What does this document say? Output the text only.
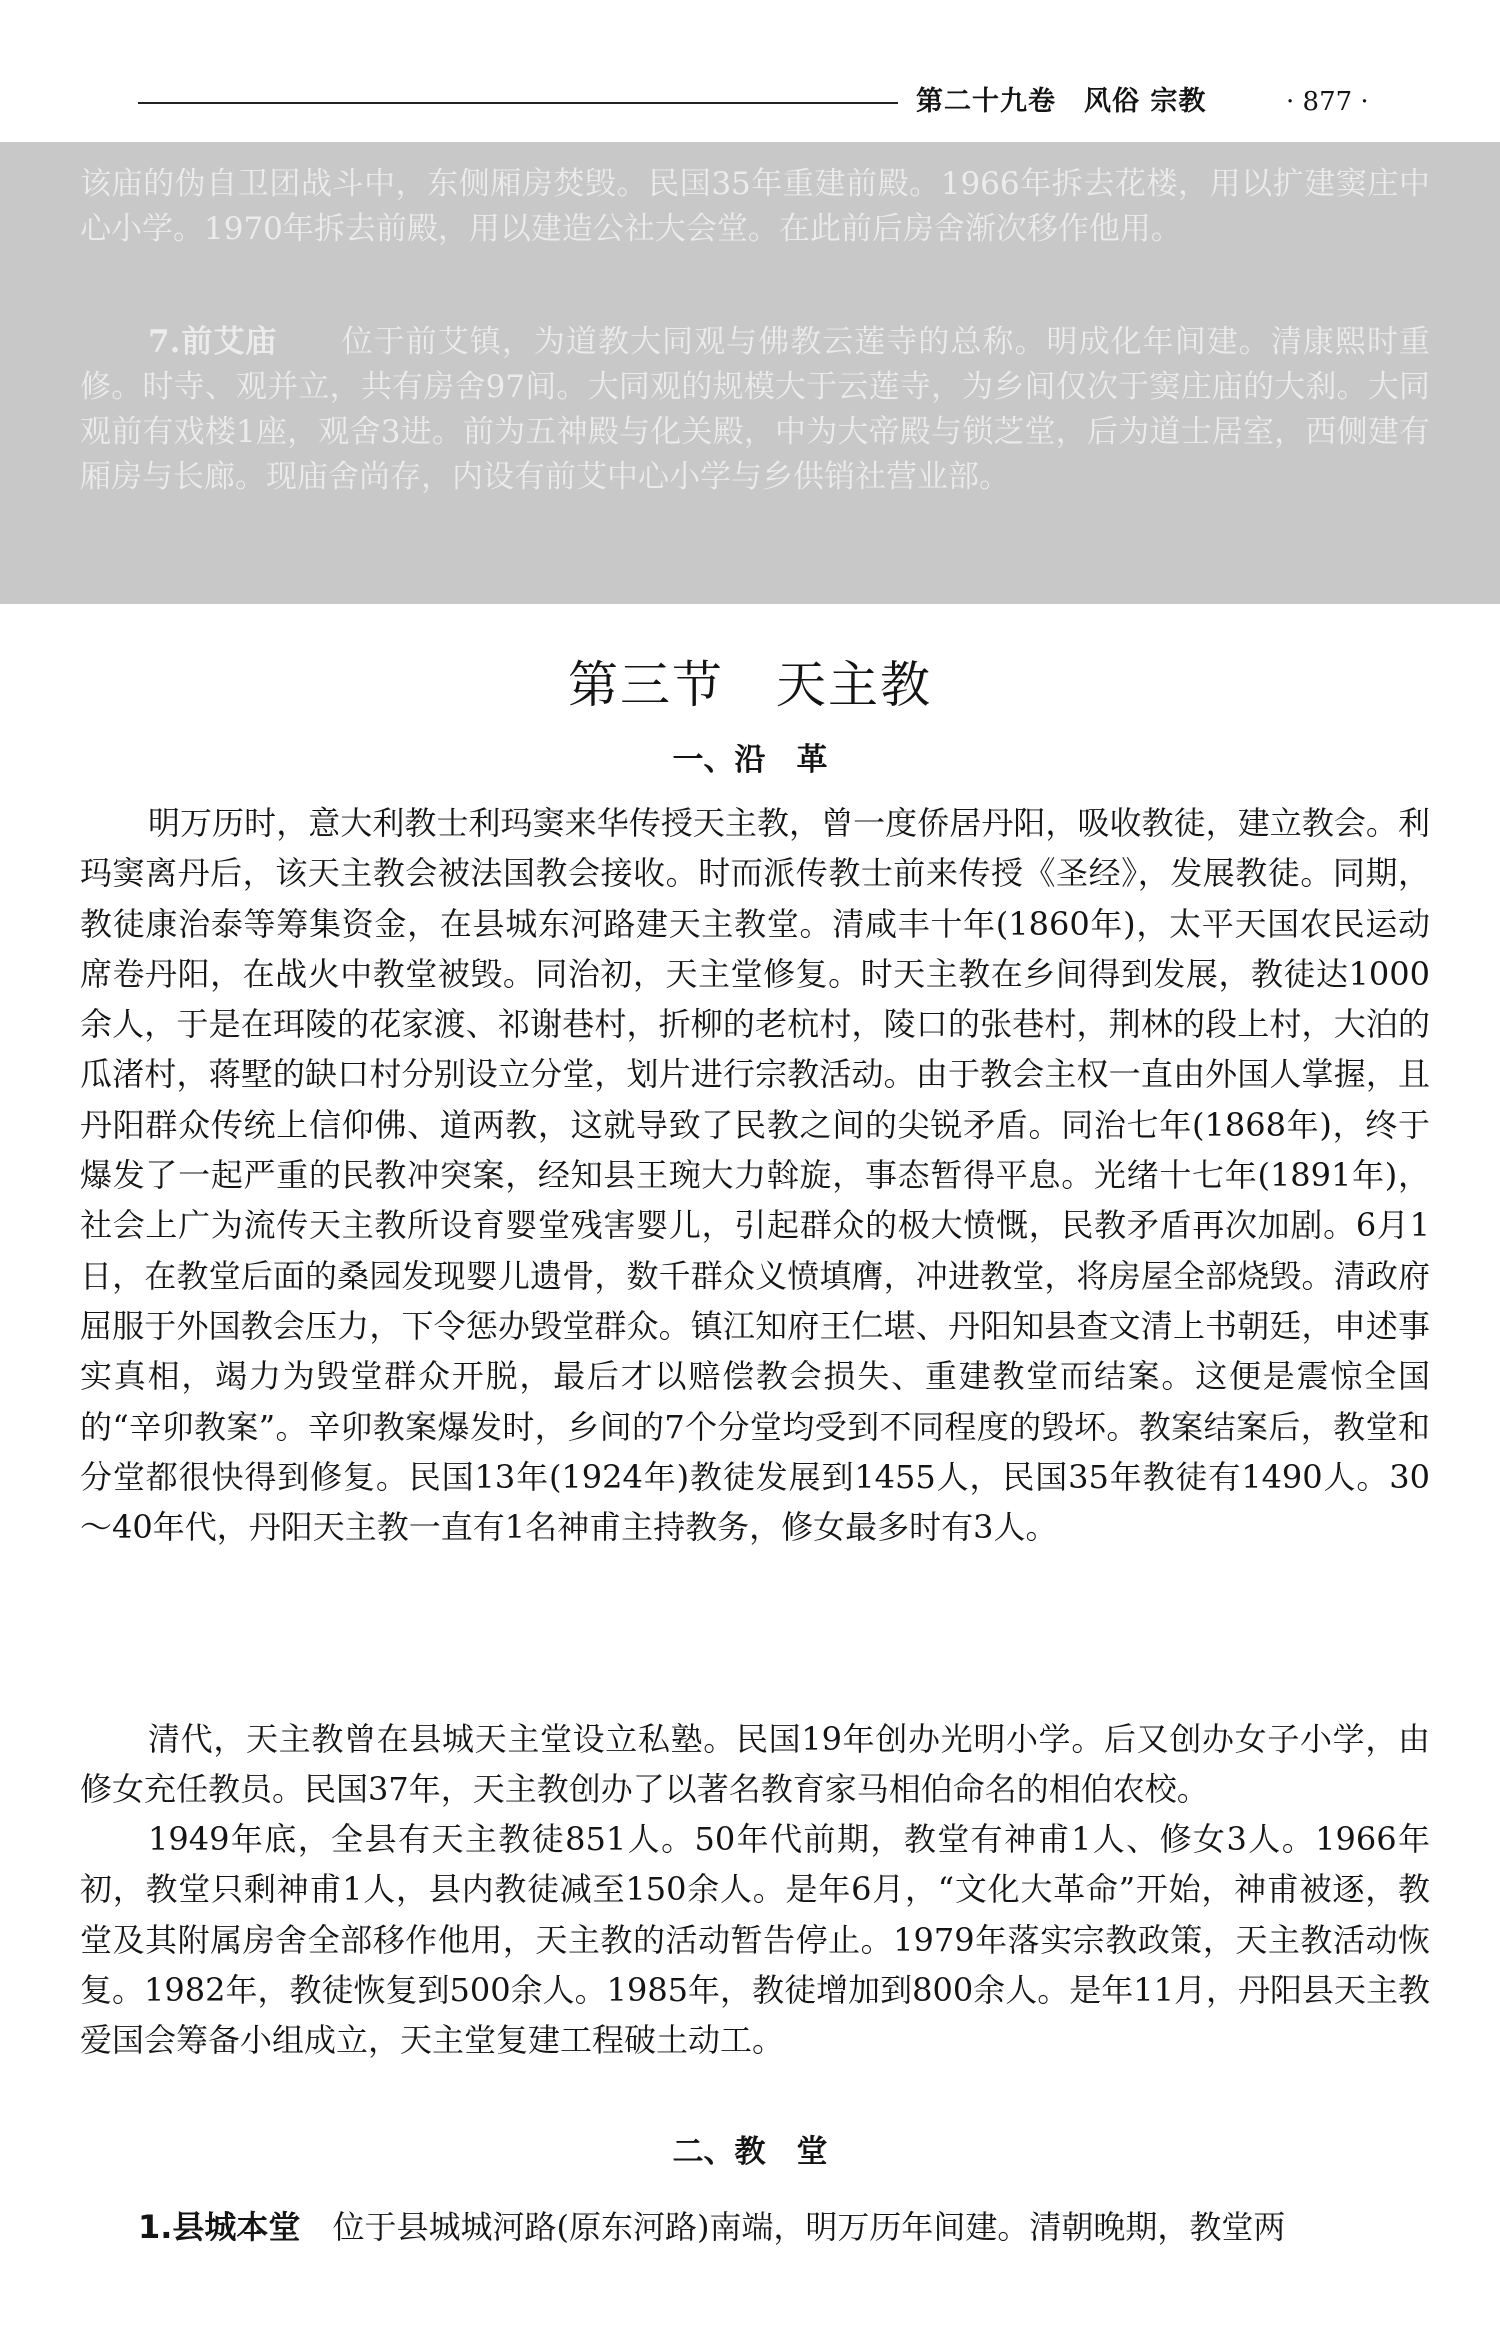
第二十九卷　风俗 宗教	· 877 ·

该庙的伪自卫团战斗中，东侧厢房焚毁。民国35年重建前殿。1966年拆去花楼，用以扩建窦庄中心小学。1970年拆去前殿，用以建造公社大会堂。在此前后房舍渐次移作他用。

7.前艾庙　　 位于前艾镇，为道教大同观与佛教云莲寺的总称。明成化年间建。清康熙时重修。时寺、观并立，共有房舍97间。大同观的规模大于云莲寺，为乡间仅次于窦庄庙的大刹。大同观前有戏楼1座，观舍3进。前为五神殿与化关殿，中为大帝殿与锁芝堂，后为道士居室，西侧建有厢房与长廊。现庙舍尚存，内设有前艾中心小学与乡供销社营业部。

第三节　天主教
一、沿　革

明万历时，意大利教士利玛窦来华传授天主教，曾一度侨居丹阳，吸收教徒，建立教会。利玛窦离丹后，该天主教会被法国教会接收。时而派传教士前来传授《圣经》，发展教徒。同期，教徒康治泰等筹集资金，在县城东河路建天主教堂。清咸丰十年(1860年)，太平天国农民运动席卷丹阳，在战火中教堂被毁。同治初，天主堂修复。时天主教在乡间得到发展，教徒达1000余人，于是在珥陵的花家渡、祁谢巷村，折柳的老杭村，陵口的张巷村，荆林的段上村，大泊的瓜渚村，蒋墅的缺口村分别设立分堂，划片进行宗教活动。由于教会主权一直由外国人掌握，且丹阳群众传统上信仰佛、道两教，这就导致了民教之间的尖锐矛盾。同治七年(1868年)，终于爆发了一起严重的民教冲突案，经知县王琬大力斡旋，事态暂得平息。光绪十七年(1891年)，社会上广为流传天主教所设育婴堂残害婴儿，引起群众的极大愤慨，民教矛盾再次加剧。6月1日，在教堂后面的桑园发现婴儿遗骨，数千群众义愤填膺，冲进教堂，将房屋全部烧毁。清政府屈服于外国教会压力，下令惩办毁堂群众。镇江知府王仁堪、丹阳知县查文清上书朝廷，申述事实真相，竭力为毁堂群众开脱，最后才以赔偿教会损失、重建教堂而结案。这便是震惊全国的“辛卯教案”。辛卯教案爆发时，乡间的7个分堂均受到不同程度的毁坏。教案结案后，教堂和分堂都很快得到修复。民国13年(1924年)教徒发展到1455人，民国35年教徒有1490人。30～40年代，丹阳天主教一直有1名神甫主持教务，修女最多时有3人。

清代，天主教曾在县城天主堂设立私塾。民国19年创办光明小学。后又创办女子小学，由修女充任教员。民国37年，天主教创办了以著名教育家马相伯命名的相伯农校。

1949年底，全县有天主教徒851人。50年代前期，教堂有神甫1人、修女3人。1966年初，教堂只剩神甫1人，县内教徒减至150余人。是年6月，“文化大革命”开始，神甫被逐，教堂及其附属房舍全部移作他用，天主教的活动暂告停止。1979年落实宗教政策，天主教活动恢复。1982年，教徒恢复到500余人。1985年，教徒增加到800余人。是年11月，丹阳县天主教爱国会筹备小组成立，天主堂复建工程破土动工。

二、教　堂

1.县城本堂　 位于县城城河路(原东河路)南端，明万历年间建。清朝晚期，教堂两
